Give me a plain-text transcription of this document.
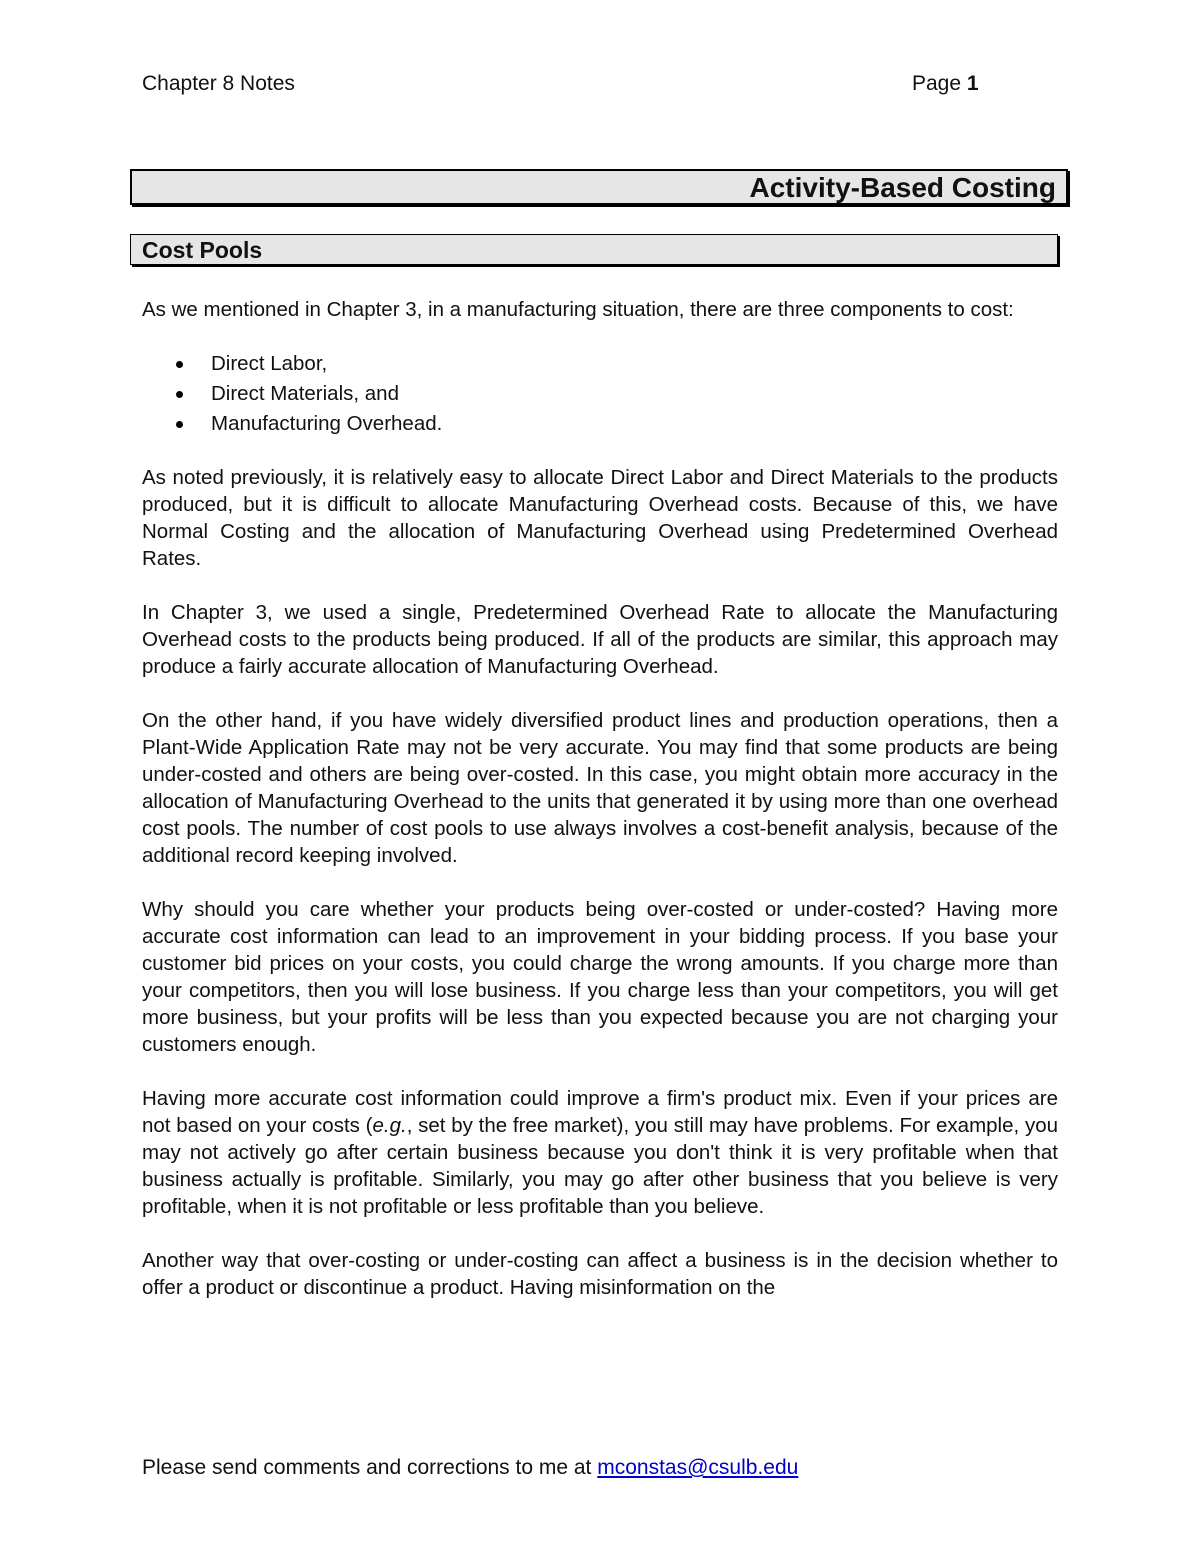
Chapter 8 Notes	Page 1
Activity-Based Costing
Cost Pools

As we mentioned in Chapter 3, in a manufacturing situation, there are three components to cost:

Direct Labor,
Direct Materials, and
Manufacturing Overhead.

As noted previously, it is relatively easy to allocate Direct Labor and Direct Materials to the products produced, but it is difficult to allocate Manufacturing Overhead costs. Because of this, we have Normal Costing and the allocation of Manufacturing Overhead using Predetermined Overhead Rates.

In Chapter 3, we used a single, Predetermined Overhead Rate to allocate the Manufacturing Overhead costs to the products being produced. If all of the products are similar, this approach may produce a fairly accurate allocation of Manufacturing Overhead.

On the other hand, if you have widely diversified product lines and production operations, then a Plant-Wide Application Rate may not be very accurate. You may find that some products are being under-costed and others are being over-costed. In this case, you might obtain more accuracy in the allocation of Manufacturing Overhead to the units that generated it by using more than one overhead cost pools. The number of cost pools to use always involves a cost-benefit analysis, because of the additional record keeping involved.

Why should you care whether your products being over-costed or under-costed? Having more accurate cost information can lead to an improvement in your bidding process. If you base your customer bid prices on your costs, you could charge the wrong amounts. If you charge more than your competitors, then you will lose business. If you charge less than your competitors, you will get more business, but your profits will be less than you expected because you are not charging your customers enough.

Having more accurate cost information could improve a firm's product mix. Even if your prices are not based on your costs (e.g., set by the free market), you still may have problems. For example, you may not actively go after certain business because you don't think it is very profitable when that business actually is profitable. Similarly, you may go after other business that you believe is very profitable, when it is not profitable or less profitable than you believe.

Another way that over-costing or under-costing can affect a business is in the decision whether to offer a product or discontinue a product. Having misinformation on the

Please send comments and corrections to me at mconstas@csulb.edu
